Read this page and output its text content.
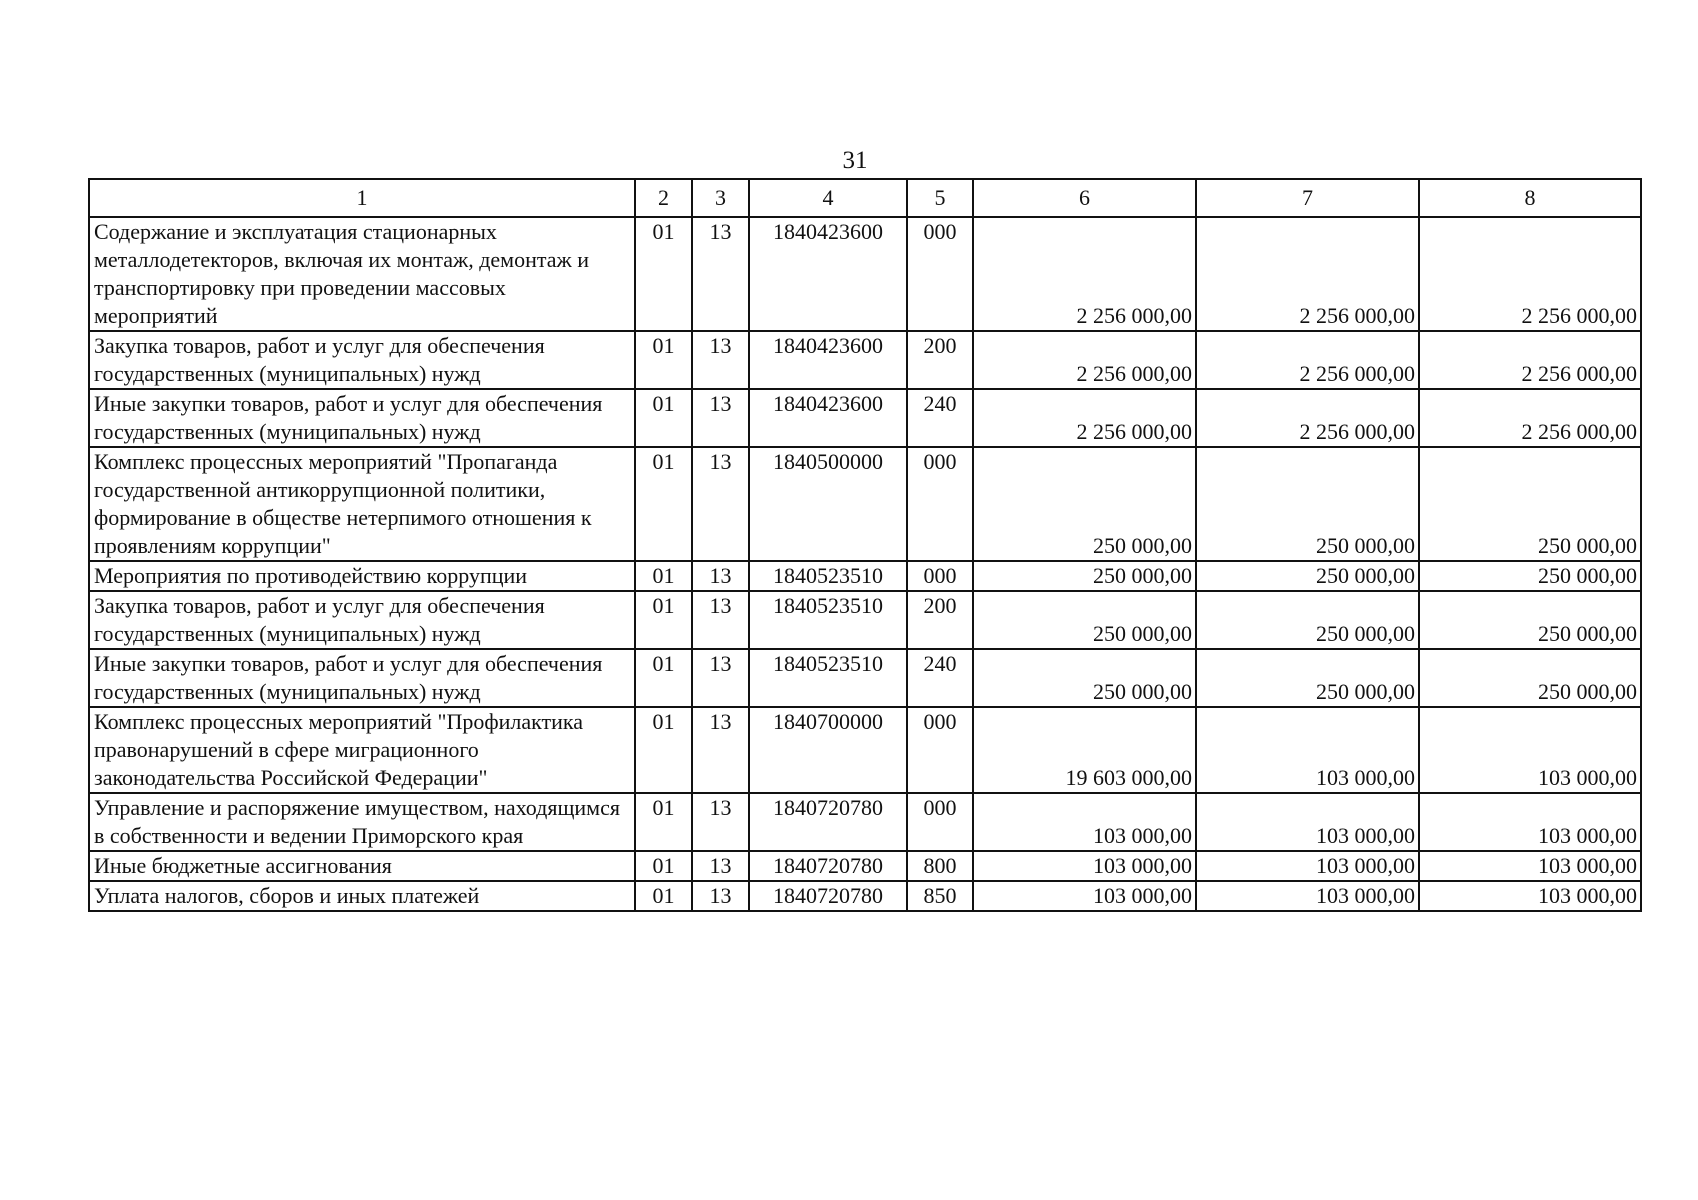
31
1	2	3	4	5	6	7	8
Содержание и эксплуатация стационарных металлодетекторов, включая их монтаж, демонтаж и транспортировку при проведении массовых мероприятий	01	13	1840423600	000	2 256 000,00	2 256 000,00	2 256 000,00
Закупка товаров, работ и услуг для обеспечения государственных (муниципальных) нужд	01	13	1840423600	200	2 256 000,00	2 256 000,00	2 256 000,00
Иные закупки товаров, работ и услуг для обеспечения государственных (муниципальных) нужд	01	13	1840423600	240	2 256 000,00	2 256 000,00	2 256 000,00
Комплекс процессных мероприятий "Пропаганда государственной антикоррупционной политики, формирование в обществе нетерпимого отношения к проявлениям коррупции"	01	13	1840500000	000	250 000,00	250 000,00	250 000,00
Мероприятия по противодействию коррупции	01	13	1840523510	000	250 000,00	250 000,00	250 000,00
Закупка товаров, работ и услуг для обеспечения государственных (муниципальных) нужд	01	13	1840523510	200	250 000,00	250 000,00	250 000,00
Иные закупки товаров, работ и услуг для обеспечения государственных (муниципальных) нужд	01	13	1840523510	240	250 000,00	250 000,00	250 000,00
Комплекс процессных мероприятий "Профилактика правонарушений в сфере миграционного законодательства Российской Федерации"	01	13	1840700000	000	19 603 000,00	103 000,00	103 000,00
Управление и распоряжение имуществом, находящимся в собственности и ведении Приморского края	01	13	1840720780	000	103 000,00	103 000,00	103 000,00
Иные бюджетные ассигнования	01	13	1840720780	800	103 000,00	103 000,00	103 000,00
Уплата налогов, сборов и иных платежей	01	13	1840720780	850	103 000,00	103 000,00	103 000,00
